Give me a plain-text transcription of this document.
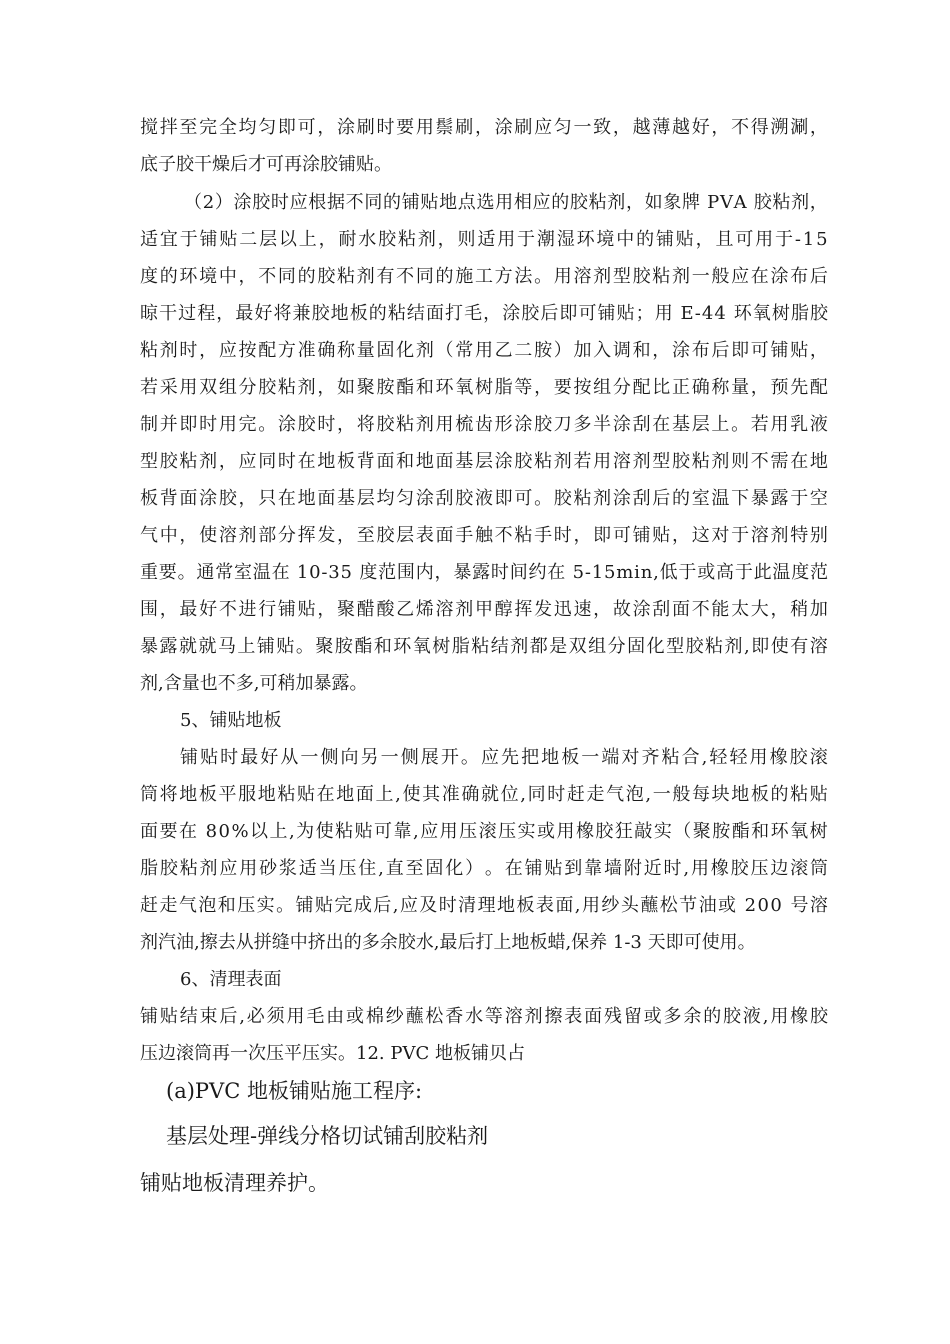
搅 拌 至 完 全 均 匀 即 可 ， 涂 刷 时 要 用 鬃 刷 ， 涂 刷 应 匀 一 致 ， 越 薄 越 好 ， 不 得 溯 涮 ，
底子胶干燥后才可再涂胶铺贴。
（ 2 ） 涂 胶 时 应 根 据 不 同 的 铺 贴 地 点 选 用 相 应 的 胶 粘 剂 ， 如 象 牌
P V A
胶 粘 剂 ，
适 宜 于 铺 贴 二 层 以 上 ， 耐 水 胶 粘 剂 ， 则 适 用 于 潮 湿 环 境 中 的 铺 贴 ， 且 可 用 于 - 1 5
度 的 环 境 中 ， 不 同 的 胶 粘 剂 有 不 同 的 施 工 方 法 。 用 溶 剂 型 胶 粘 剂 一 般 应 在 涂 布 后
晾 干 过 程 ， 最 好 将 兼 胶 地 板 的 粘 结 面 打 毛 ， 涂 胶 后 即 可 铺 贴 ； 用
E - 4 4
环 氧 树 脂 胶
粘 剂 时 ， 应 按 配 方 准 确 称 量 固 化 剂 （ 常 用 乙 二 胺 ） 加 入 调 和 ， 涂 布 后 即 可 铺 贴 ，
若 采 用 双 组 分 胶 粘 剂 ， 如 聚 胺 酯 和 环 氧 树 脂 等 ， 要 按 组 分 配 比 正 确 称 量 ， 预 先 配
制 并 即 时 用 完 。 涂 胶 时 ， 将 胶 粘 剂 用 梳 齿 形 涂 胶 刀 多 半 涂 刮 在 基 层 上 。 若 用 乳 液
型 胶 粘 剂 ， 应 同 时 在 地 板 背 面 和 地 面 基 层 涂 胶 粘 剂 若 用 溶 剂 型 胶 粘 剂 则 不 需 在 地
板 背 面 涂 胶 ， 只 在 地 面 基 层 均 匀 涂 刮 胶 液 即 可 。 胶 粘 剂 涂 刮 后 的 室 温 下 暴 露 于 空
气 中 ， 使 溶 剂 部 分 挥 发 ， 至 胶 层 表 面 手 触 不 粘 手 时 ， 即 可 铺 贴 ， 这 对 于 溶 剂 特 别
重 要 。 通 常 室 温 在
1 0 - 3 5
度 范 围 内 ， 暴 露 时 间 约 在
5 - 1 5 m i n , 低 于 或 高 于 此 温 度 范
围 ， 最 好 不 进 行 铺 贴 ， 聚 醋 酸 乙 烯 溶 剂 甲 醇 挥 发 迅 速 ， 故 涂 刮 面 不 能 太 大 ， 稍 加
暴 露 就 就 马 上 铺 贴 。 聚 胺 酯 和 环 氧 树 脂 粘 结 剂 都 是 双 组 分 固 化 型 胶 粘 剂 , 即 使 有 溶
剂,含量也不多,可稍加暴露。
5、铺贴地板
铺 贴 时 最 好 从 一 侧 向 另 一 侧 展 开 。 应 先 把 地 板 一 端 对 齐 粘 合 , 轻 轻 用 橡 胶 滚
筒 将 地 板 平 服 地 粘 贴 在 地 面 上 , 使 其 准 确 就 位 , 同 时 赶 走 气 泡 , 一 般 每 块 地 板 的 粘 贴
面 要 在
8 0 % 以 上 , 为 使 粘 贴 可 靠 , 应 用 压 滚 压 实 或 用 橡 胶 狂 敲 实 （ 聚 胺 酯 和 环 氧 树
脂 胶 粘 剂 应 用 砂 浆 适 当 压 住 , 直 至 固 化 ） 。 在 铺 贴 到 靠 墙 附 近 时 , 用 橡 胶 压 边 滚 筒
赶 走 气 泡 和 压 实 。 铺 贴 完 成 后 , 应 及 时 清 理 地 板 表 面 , 用 纱 头 蘸 松 节 油 或
2 0 0
号 溶
剂汽油,擦去从拼缝中挤出的多余胶水,最后打上地板蜡,保养 1-3 天即可使用。
6、清理表面
铺 贴 结 束 后 , 必 须 用 毛 由 或 棉 纱 蘸 松 香 水 等 溶 剂 擦 表 面 残 留 或 多 余 的 胶 液 , 用 橡 胶
压边滚筒再一次压平压实。12. PVC 地板铺贝占
(a)PVC 地板铺贴施工程序:
基层处理-弹线分格切试铺刮胶粘剂
铺贴地板清理养护。
